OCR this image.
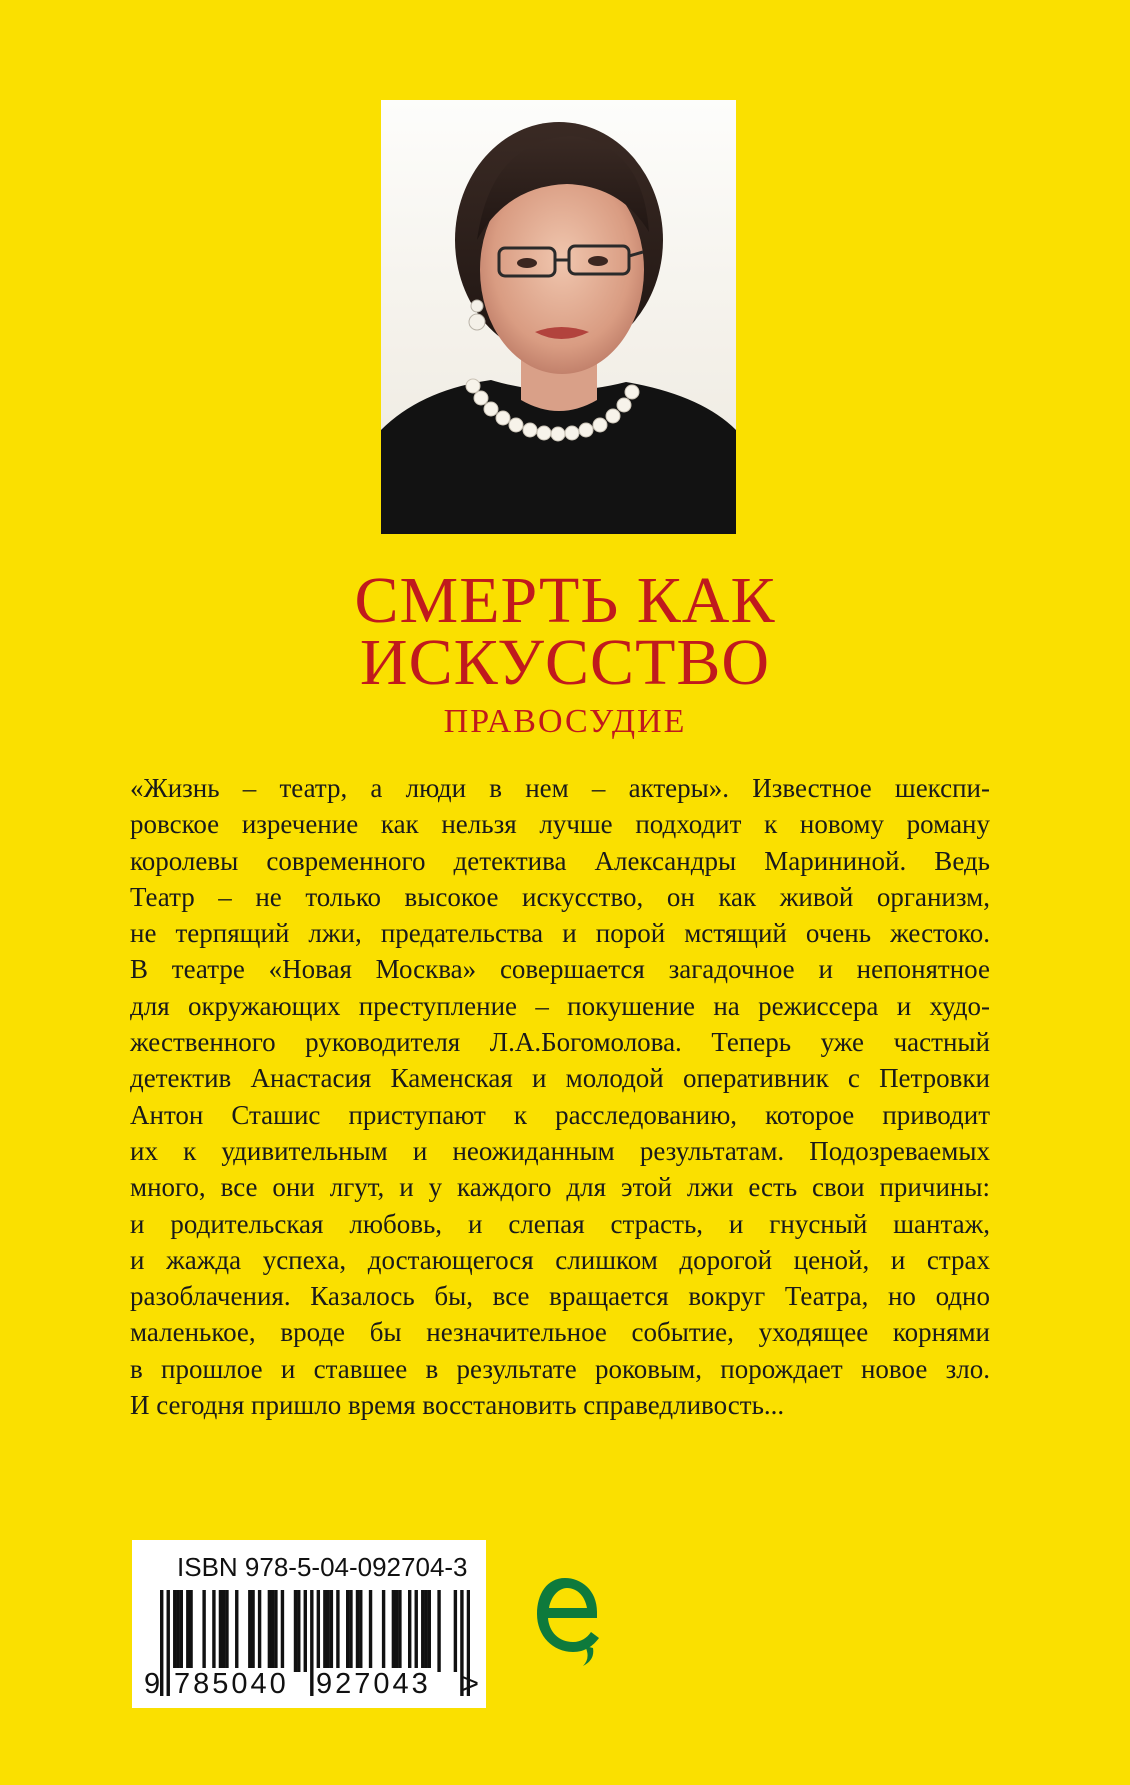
СМЕРТЬ КАК
ИСКУССТВО
ПРАВОСУДИЕ
«Жизнь – театр, а люди в нем – актеры». Известное шекспи-
ровское изречение как нельзя лучше подходит к новому роману
королевы современного детектива Александры Марининой. Ведь
Театр – не только высокое искусство, он как живой организм,
не терпящий лжи, предательства и порой мстящий очень жестоко.
В театре «Новая Москва» совершается загадочное и непонятное
для окружающих преступление – покушение на режиссера и худо-
жественного руководителя Л.А.Богомолова. Теперь уже частный
детектив Анастасия Каменская и молодой оперативник с Петровки
Антон Сташис приступают к расследованию, которое приводит
их к удивительным и неожиданным результатам. Подозреваемых
много, все они лгут, и у каждого для этой лжи есть свои причины:
и родительская любовь, и слепая страсть, и гнусный шантаж,
и жажда успеха, достающегося слишком дорогой ценой, и страх
разоблачения. Казалось бы, все вращается вокруг Театра, но одно
маленькое, вроде бы незначительное событие, уходящее корнями
в прошлое и ставшее в результате роковым, порождает новое зло.
И сегодня пришло время восстановить справедливость...
ISBN 978-5-04-092704-3
9 785040 927043 >
